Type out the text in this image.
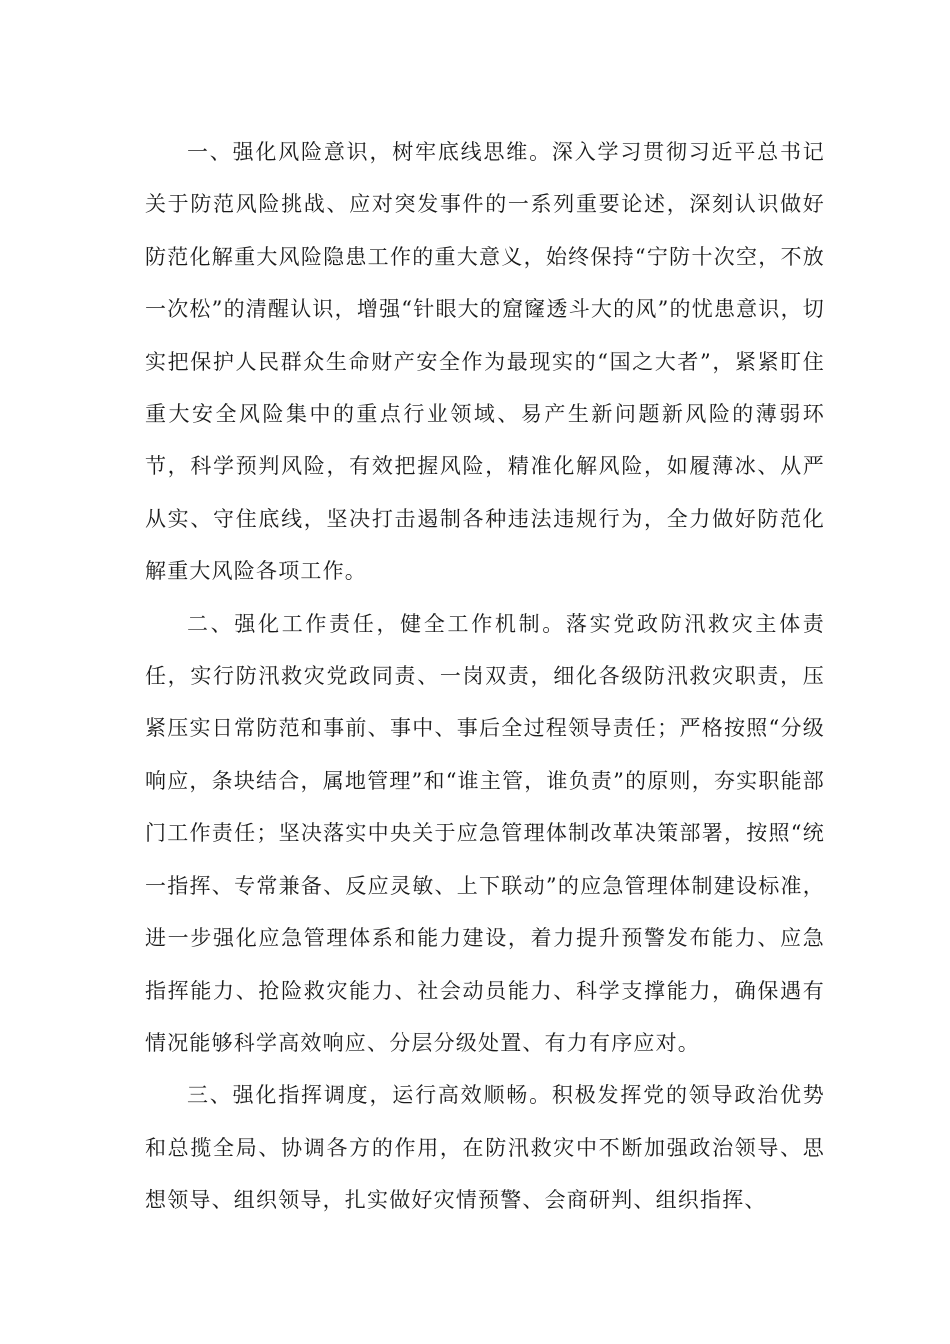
一、强化风险意识，树牢底线思维。深入学习贯彻习近平总书记关于防范风险挑战、应对突发事件的一系列重要论述，深刻认识做好防范化解重大风险隐患工作的重大意义，始终保持“宁防十次空，不放一次松”的清醒认识，增强“针眼大的窟窿透斗大的风”的忧患意识，切实把保护人民群众生命财产安全作为最现实的“国之大者”，紧紧盯住重大安全风险集中的重点行业领域、易产生新问题新风险的薄弱环节，科学预判风险，有效把握风险，精准化解风险，如履薄冰、从严从实、守住底线，坚决打击遏制各种违法违规行为，全力做好防范化解重大风险各项工作。

二、强化工作责任，健全工作机制。落实党政防汛救灾主体责任，实行防汛救灾党政同责、一岗双责，细化各级防汛救灾职责，压紧压实日常防范和事前、事中、事后全过程领导责任；严格按照“分级响应，条块结合，属地管理”和“谁主管，谁负责”的原则，夯实职能部门工作责任；坚决落实中央关于应急管理体制改革决策部署，按照“统一指挥、专常兼备、反应灵敏、上下联动”的应急管理体制建设标准，进一步强化应急管理体系和能力建设，着力提升预警发布能力、应急指挥能力、抢险救灾能力、社会动员能力、科学支撑能力，确保遇有情况能够科学高效响应、分层分级处置、有力有序应对。

三、强化指挥调度，运行高效顺畅。积极发挥党的领导政治优势和总揽全局、协调各方的作用，在防汛救灾中不断加强政治领导、思想领导、组织领导，扎实做好灾情预警、会商研判、组织指挥、
